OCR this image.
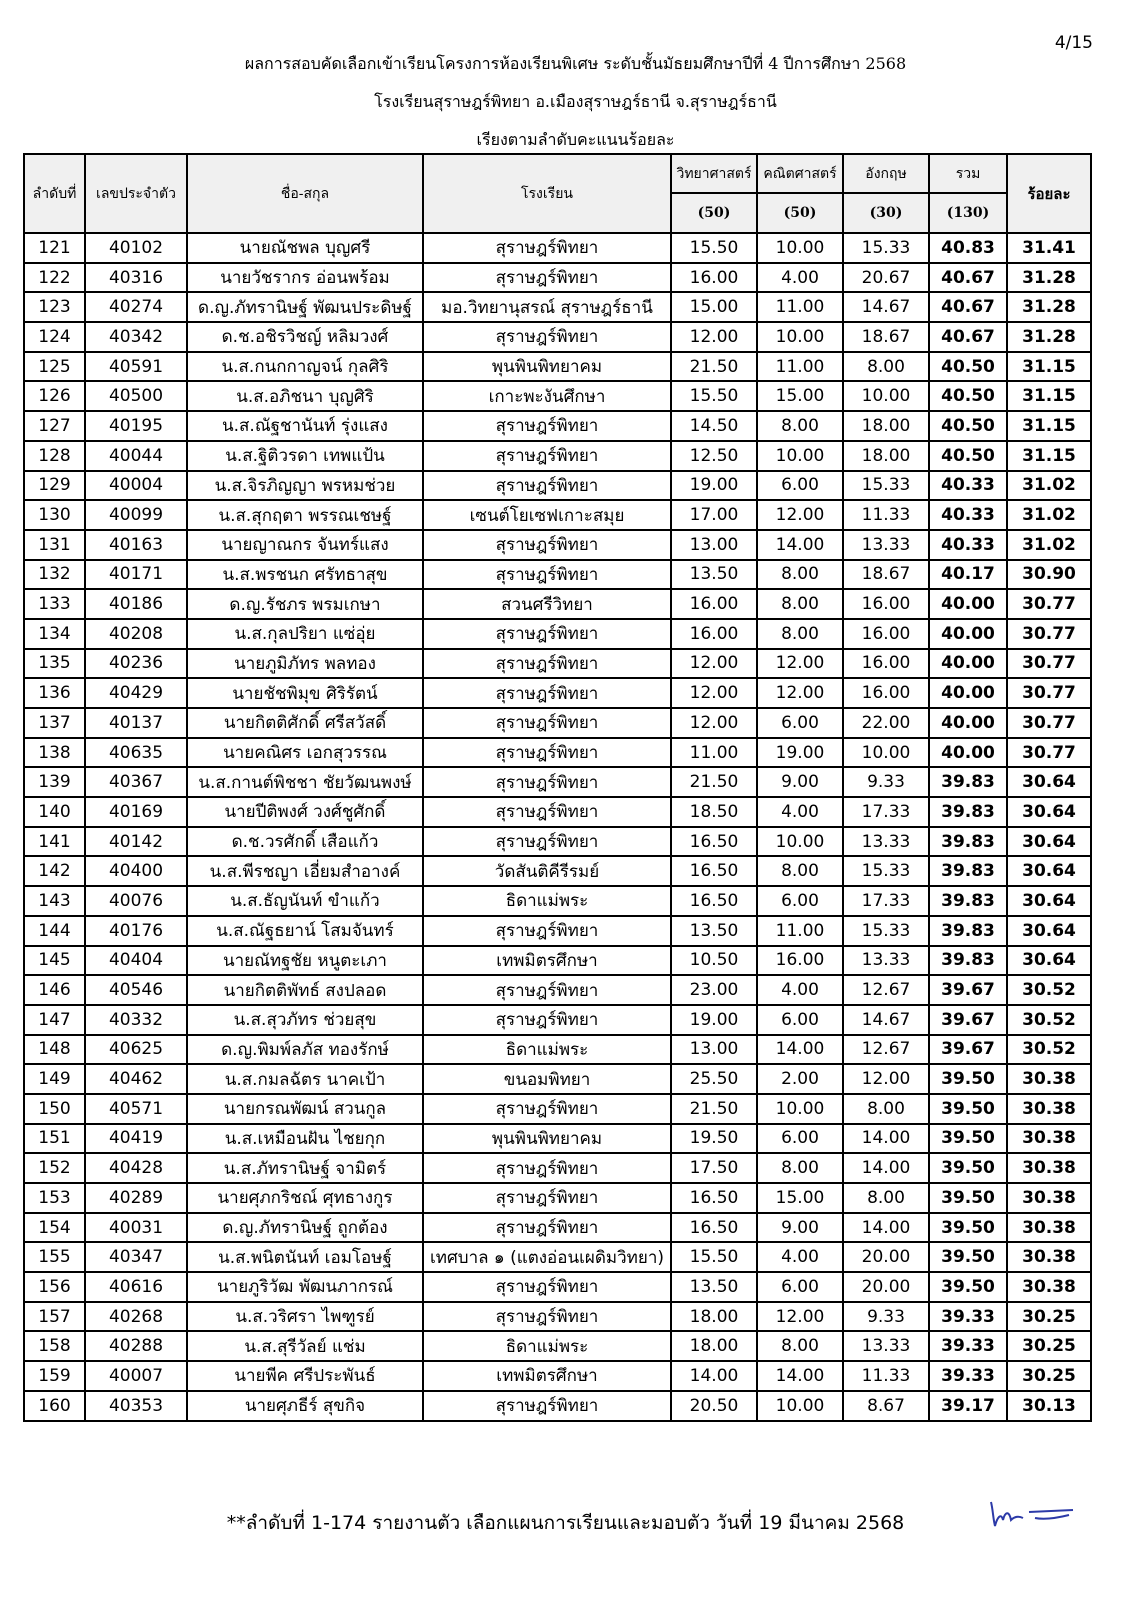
4/15
ผลการสอบคัดเลือกเข้าเรียนโครงการห้องเรียนพิเศษ ระดับชั้นมัธยมศึกษาปีที่ 4 ปีการศึกษา 2568
โรงเรียนสุราษฎร์พิทยา อ.เมืองสุราษฎร์ธานี จ.สุราษฎร์ธานี
เรียงตามลำดับคะแนนร้อยละ
ลำดับที่	เลขประจำตัว	ชื่อ-สกุล	โรงเรียน	วิทยาศาสตร์	คณิตศาสตร์	อังกฤษ	รวม	ร้อยละ
				(50)	(50)	(30)	(130)	
121	40102	นายณัชพล บุญศรี	สุราษฎร์พิทยา	15.50	10.00	15.33	40.83	31.41
122	40316	นายวัชรากร อ่อนพร้อม	สุราษฎร์พิทยา	16.00	4.00	20.67	40.67	31.28
123	40274	ด.ญ.ภัทรานิษฐ์ พัฒนประดิษฐ์	มอ.วิทยานุสรณ์ สุราษฎร์ธานี	15.00	11.00	14.67	40.67	31.28
124	40342	ด.ช.อชิรวิชญ์ หลิมวงศ์	สุราษฎร์พิทยา	12.00	10.00	18.67	40.67	31.28
125	40591	น.ส.กนกกาญจน์ กุลศิริ	พุนพินพิทยาคม	21.50	11.00	8.00	40.50	31.15
126	40500	น.ส.อภิชนา บุญศิริ	เกาะพะงันศึกษา	15.50	15.00	10.00	40.50	31.15
127	40195	น.ส.ณัฐชานันท์ รุ่งแสง	สุราษฎร์พิทยา	14.50	8.00	18.00	40.50	31.15
128	40044	น.ส.ฐิติวรดา เทพแป้น	สุราษฎร์พิทยา	12.50	10.00	18.00	40.50	31.15
129	40004	น.ส.จิรภิญญา พรหมช่วย	สุราษฎร์พิทยา	19.00	6.00	15.33	40.33	31.02
130	40099	น.ส.สุกฤตา พรรณเชษฐ์	เซนต์โยเซฟเกาะสมุย	17.00	12.00	11.33	40.33	31.02
131	40163	นายญาณกร จันทร์แสง	สุราษฎร์พิทยา	13.00	14.00	13.33	40.33	31.02
132	40171	น.ส.พรชนก ศรัทธาสุข	สุราษฎร์พิทยา	13.50	8.00	18.67	40.17	30.90
133	40186	ด.ญ.รัชภร พรมเกษา	สวนศรีวิทยา	16.00	8.00	16.00	40.00	30.77
134	40208	น.ส.กุลปริยา แซ่อุ่ย	สุราษฎร์พิทยา	16.00	8.00	16.00	40.00	30.77
135	40236	นายภูมิภัทร พลทอง	สุราษฎร์พิทยา	12.00	12.00	16.00	40.00	30.77
136	40429	นายชัชพิมุข ศิริรัตน์	สุราษฎร์พิทยา	12.00	12.00	16.00	40.00	30.77
137	40137	นายกิตติศักดิ์ ศรีสวัสดิ์	สุราษฎร์พิทยา	12.00	6.00	22.00	40.00	30.77
138	40635	นายคณิศร เอกสุวรรณ	สุราษฎร์พิทยา	11.00	19.00	10.00	40.00	30.77
139	40367	น.ส.กานต์พิชชา ชัยวัฒนพงษ์	สุราษฎร์พิทยา	21.50	9.00	9.33	39.83	30.64
140	40169	นายปีติพงศ์ วงศ์ชูศักดิ์	สุราษฎร์พิทยา	18.50	4.00	17.33	39.83	30.64
141	40142	ด.ช.วรศักดิ์ เสือแก้ว	สุราษฎร์พิทยา	16.50	10.00	13.33	39.83	30.64
142	40400	น.ส.พีรชญา เอี่ยมสำอางค์	วัดสันติคีรีรมย์	16.50	8.00	15.33	39.83	30.64
143	40076	น.ส.ธัญนันท์ ขำแก้ว	ธิดาแม่พระ	16.50	6.00	17.33	39.83	30.64
144	40176	น.ส.ณัฐธยาน์ โสมจันทร์	สุราษฎร์พิทยา	13.50	11.00	15.33	39.83	30.64
145	40404	นายณัทฐชัย หนูตะเภา	เทพมิตรศึกษา	10.50	16.00	13.33	39.83	30.64
146	40546	นายกิตติพัทธ์ สงปลอด	สุราษฎร์พิทยา	23.00	4.00	12.67	39.67	30.52
147	40332	น.ส.สุวภัทร ช่วยสุข	สุราษฎร์พิทยา	19.00	6.00	14.67	39.67	30.52
148	40625	ด.ญ.พิมพ์ลภัส ทองรักษ์	ธิดาแม่พระ	13.00	14.00	12.67	39.67	30.52
149	40462	น.ส.กมลฉัตร นาคเป้า	ขนอมพิทยา	25.50	2.00	12.00	39.50	30.38
150	40571	นายกรณพัฒน์ สวนกูล	สุราษฎร์พิทยา	21.50	10.00	8.00	39.50	30.38
151	40419	น.ส.เหมือนฝัน ไชยกุก	พุนพินพิทยาคม	19.50	6.00	14.00	39.50	30.38
152	40428	น.ส.ภัทรานิษฐ์ จามิตร์	สุราษฎร์พิทยา	17.50	8.00	14.00	39.50	30.38
153	40289	นายศุภกริชณ์ ศุทธางกูร	สุราษฎร์พิทยา	16.50	15.00	8.00	39.50	30.38
154	40031	ด.ญ.ภัทรานิษฐ์ ถูกต้อง	สุราษฎร์พิทยา	16.50	9.00	14.00	39.50	30.38
155	40347	น.ส.พนิตนันท์ เอมโอษฐ์	เทศบาล ๑ (แตงอ่อนเผดิมวิทยา)	15.50	4.00	20.00	39.50	30.38
156	40616	นายภูริวัฒ พัฒนภากรณ์	สุราษฎร์พิทยา	13.50	6.00	20.00	39.50	30.38
157	40268	น.ส.วริศรา ไพฑูรย์	สุราษฎร์พิทยา	18.00	12.00	9.33	39.33	30.25
158	40288	น.ส.สุรีวัลย์ แช่ม	ธิดาแม่พระ	18.00	8.00	13.33	39.33	30.25
159	40007	นายพีค ศรีประพันธ์	เทพมิตรศึกษา	14.00	14.00	11.33	39.33	30.25
160	40353	นายศุภธีร์ สุขกิจ	สุราษฎร์พิทยา	20.50	10.00	8.67	39.17	30.13
**ลำดับที่ 1-174 รายงานตัว เลือกแผนการเรียนและมอบตัว วันที่ 19 มีนาคม 2568
